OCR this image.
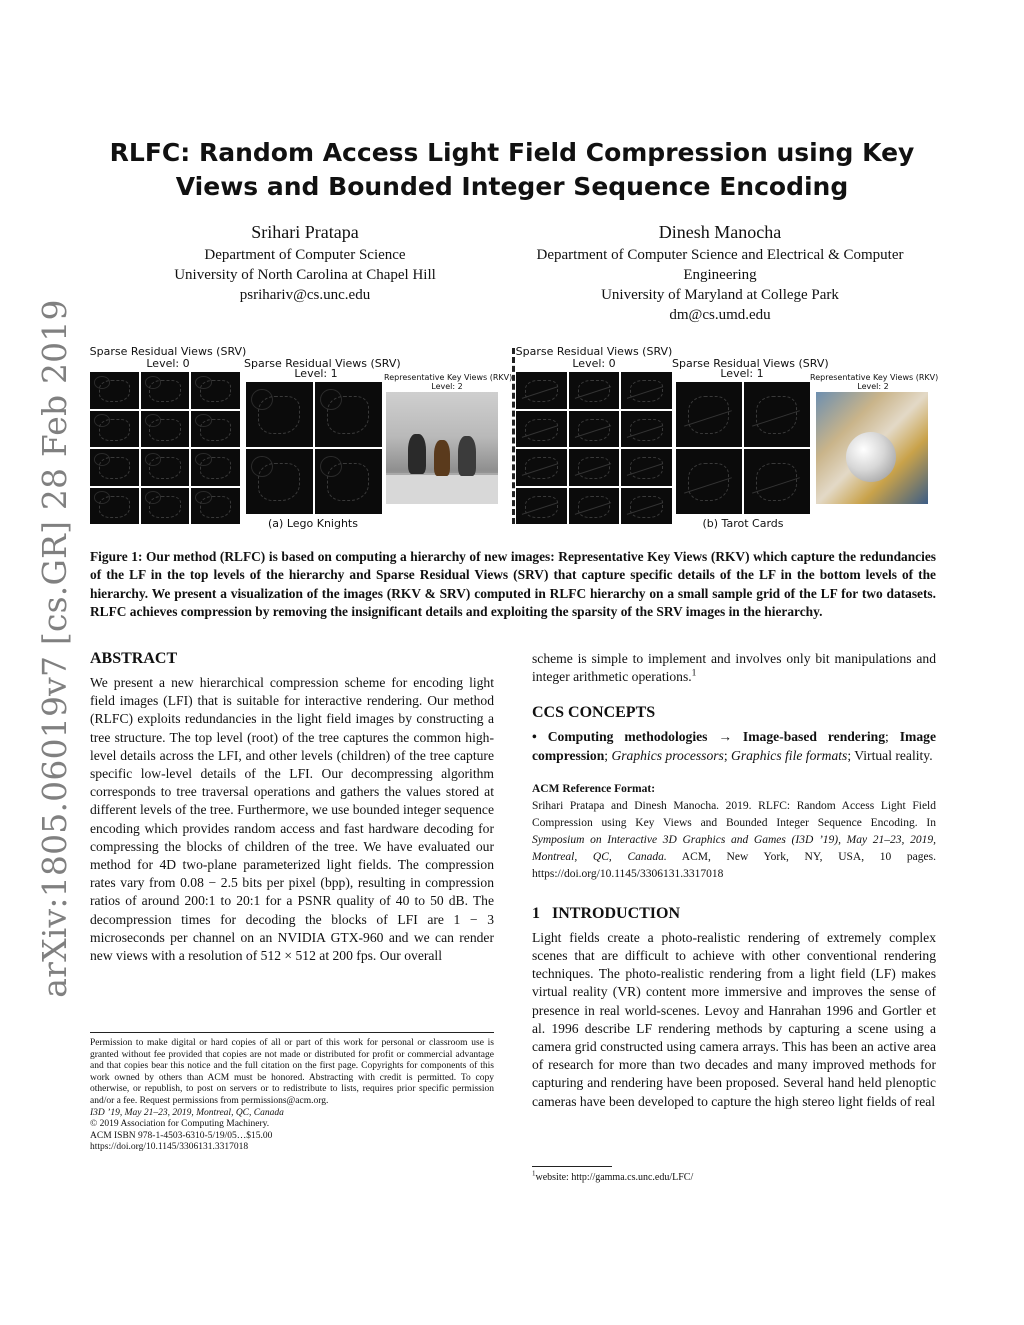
arXiv:1805.06019v7 [cs.GR] 28 Feb 2019
RLFC: Random Access Light Field Compression using Key Views and Bounded Integer Sequence Encoding
Srihari Pratapa
Department of Computer Science
University of North Carolina at Chapel Hill
psrihariv@cs.unc.edu
Dinesh Manocha
Department of Computer Science and Electrical & Computer Engineering
University of Maryland at College Park
dm@cs.umd.edu
Sparse Residual Views (SRV)
Level: 0	Sparse Residual Views (SRV)
Level: 1	Representative Key Views (RKV)
Level: 2
(a) Lego Knights
Sparse Residual Views (SRV)
Level: 0	Sparse Residual Views (SRV)
Level: 1	Representative Key Views (RKV)
Level: 2
(b) Tarot Cards
Figure 1: Our method (RLFC) is based on computing a hierarchy of new images: Representative Key Views (RKV) which capture the redundancies of the LF in the top levels of the hierarchy and Sparse Residual Views (SRV) that capture specific details of the LF in the bottom levels of the hierarchy. We present a visualization of the images (RKV & SRV) computed in RLFC hierarchy on a small sample grid of the LF for two datasets. RLFC achieves compression by removing the insignificant details and exploiting the sparsity of the SRV images in the hierarchy.
ABSTRACT

We present a new hierarchical compression scheme for encoding light field images (LFI) that is suitable for interactive rendering. Our method (RLFC) exploits redundancies in the light field images by constructing a tree structure. The top level (root) of the tree captures the common high-level details across the LFI, and other levels (children) of the tree capture specific low-level details of the LFI. Our decompressing algorithm corresponds to tree traversal operations and gathers the values stored at different levels of the tree. Furthermore, we use bounded integer sequence encoding which provides random access and fast hardware decoding for compressing the blocks of children of the tree. We have evaluated our method for 4D two-plane parameterized light fields. The compression rates vary from 0.08 − 2.5 bits per pixel (bpp), resulting in compression ratios of around 200:1 to 20:1 for a PSNR quality of 40 to 50 dB. The decompression times for decoding the blocks of LFI are 1 − 3 microseconds per channel on an NVIDIA GTX-960 and we can render new views with a resolution of 512 × 512 at 200 fps. Our overall

Permission to make digital or hard copies of all or part of this work for personal or classroom use is granted without fee provided that copies are not made or distributed for profit or commercial advantage and that copies bear this notice and the full citation on the first page. Copyrights for components of this work owned by others than ACM must be honored. Abstracting with credit is permitted. To copy otherwise, or republish, to post on servers or to redistribute to lists, requires prior specific permission and/or a fee. Request permissions from permissions@acm.org.

I3D ’19, May 21–23, 2019, Montreal, QC, Canada

© 2019 Association for Computing Machinery.

ACM ISBN 978-1-4503-6310-5/19/05…$15.00

https://doi.org/10.1145/3306131.3317018

scheme is simple to implement and involves only bit manipulations and integer arithmetic operations.$^1$

CCS CONCEPTS

• Computing methodologies → Image-based rendering; Image compression; Graphics processors; Graphics file formats; Virtual reality.

ACM Reference Format:

Srihari Pratapa and Dinesh Manocha. 2019. RLFC: Random Access Light Field Compression using Key Views and Bounded Integer Sequence Encoding. In Symposium on Interactive 3D Graphics and Games (I3D ’19), May 21–23, 2019, Montreal, QC, Canada. ACM, New York, NY, USA, 10 pages. https://doi.org/10.1145/3306131.3317018

1 INTRODUCTION

Light fields create a photo-realistic rendering of extremely complex scenes that are difficult to achieve with other conventional rendering techniques. The photo-realistic rendering from a light field (LF) makes virtual reality (VR) content more immersive and improves the sense of presence in real world-scenes. Levoy and Hanrahan 1996 and Gortler et al. 1996 describe LF rendering methods by capturing a scene using a camera grid constructed using camera arrays. This has been an active area of research for more than two decades and many improved methods for capturing and rendering have been proposed. Several hand held plenoptic cameras have been developed to capture the high stereo light fields of real

$^1$website: http://gamma.cs.unc.edu/LFC/
